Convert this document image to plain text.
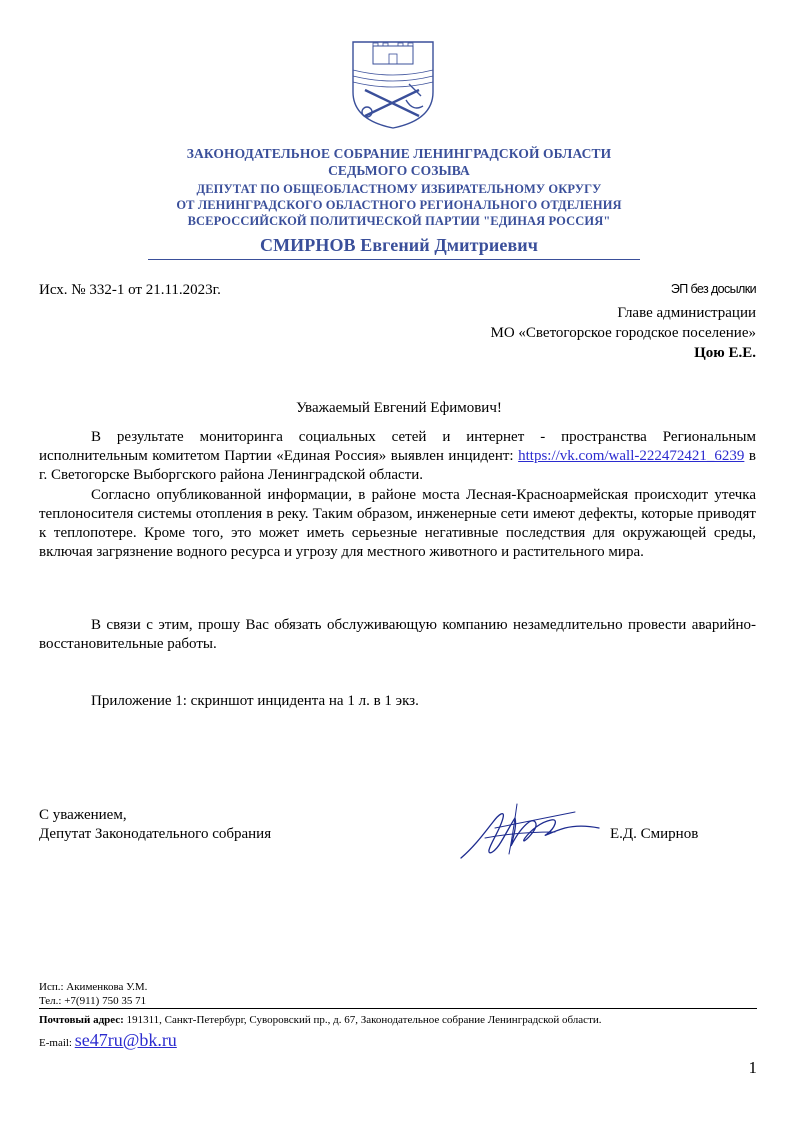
ЗАКОНОДАТЕЛЬНОЕ СОБРАНИЕ ЛЕНИНГРАДСКОЙ ОБЛАСТИ
СЕДЬМОГО СОЗЫВА
ДЕПУТАТ ПО ОБЩЕОБЛАСТНОМУ ИЗБИРАТЕЛЬНОМУ ОКРУГУ
ОТ ЛЕНИНГРАДСКОГО ОБЛАСТНОГО РЕГИОНАЛЬНОГО ОТДЕЛЕНИЯ
ВСЕРОССИЙСКОЙ ПОЛИТИЧЕСКОЙ ПАРТИИ "ЕДИНАЯ РОССИЯ"
СМИРНОВ Евгений Дмитриевич
Исх. № 332-1 от 21.11.2023г.	ЭП без досылки
Главе администрации
МО «Светогорское городское поселение»
Цою Е.Е.
Уважаемый Евгений Ефимович!
В результате мониторинга социальных сетей и интернет - пространства Региональным исполнительным комитетом Партии «Единая Россия» выявлен инцидент: https://vk.com/wall-222472421_6239 в г. Светогорске Выборгского района Ленинградской области.
Согласно опубликованной информации, в районе моста Лесная-Красноармейская происходит утечка теплоносителя системы отопления в реку. Таким образом, инженерные сети имеют дефекты, которые приводят к теплопотере. Кроме того, это может иметь серьезные негативные последствия для окружающей среды, включая загрязнение водного ресурса и угрозу для местного животного и растительного мира.
В связи с этим, прошу Вас обязать обслуживающую компанию незамедлительно провести аварийно-восстановительные работы.
Приложение 1: скриншот инцидента на 1 л. в 1 экз.
С уважением,
Депутат Законодательного собрания	Е.Д. Смирнов
Исп.: Акименкова У.М.
Тел.: +7(911) 750 35 71
Почтовый адрес: 191311, Санкт-Петербург, Суворовский пр., д. 67, Законодательное собрание Ленинградской области.
E-mail: se47ru@bk.ru
1
